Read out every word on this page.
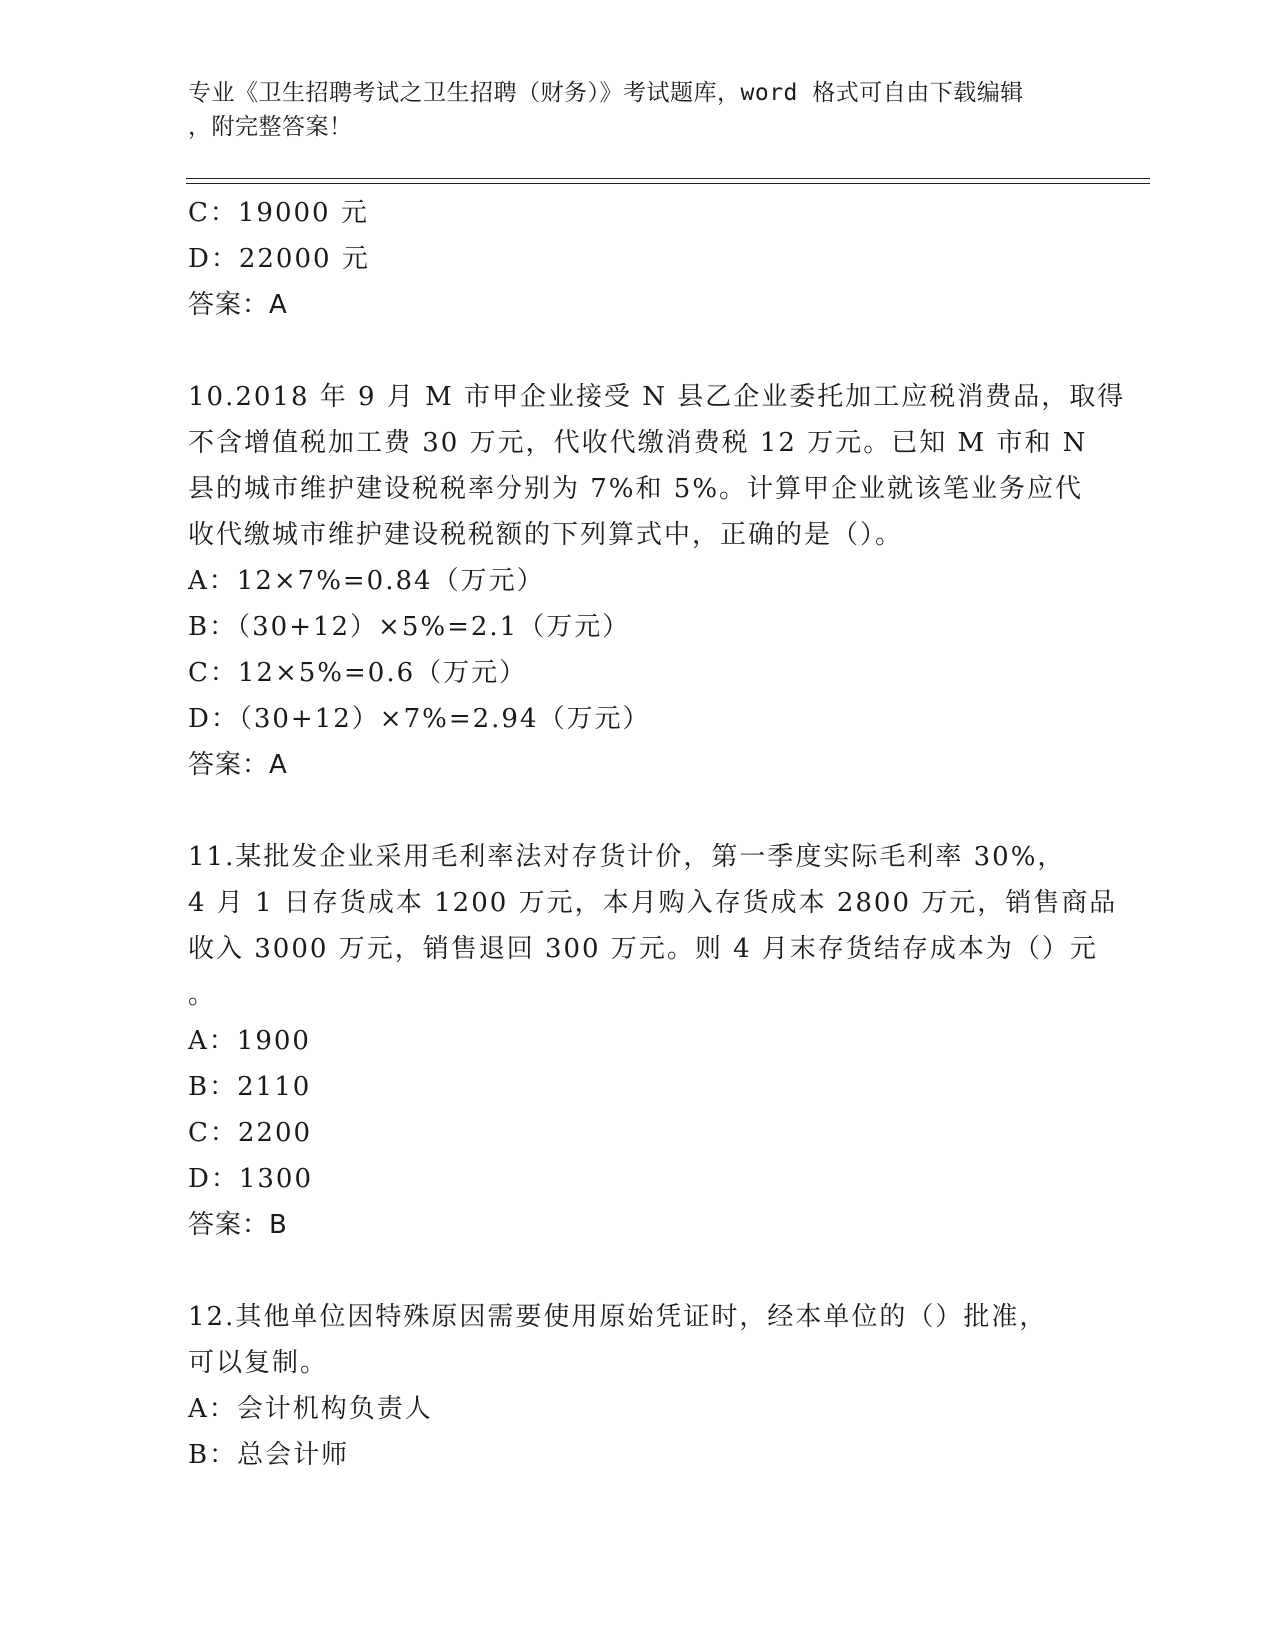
专业《卫生招聘考试之卫生招聘（财务）》考试题库，word 格式可自由下载编辑
，附完整答案！
C：19000 元
D：22000 元
答案：A
10.2018 年 9 月 M 市甲企业接受 N 县乙企业委托加工应税消费品，取得
不含增值税加工费 30 万元，代收代缴消费税 12 万元。已知 M 市和 N
县的城市维护建设税税率分别为 7%和 5%。计算甲企业就该笔业务应代
收代缴城市维护建设税税额的下列算式中，正确的是（）。
A：12×7%=0.84（万元）
B：（30+12）×5%=2.1（万元）
C：12×5%=0.6（万元）
D：（30+12）×7%=2.94（万元）
答案：A
11.某批发企业采用毛利率法对存货计价，第一季度实际毛利率 30%，
4 月 1 日存货成本 1200 万元，本月购入存货成本 2800 万元，销售商品
收入 3000 万元，销售退回 300 万元。则 4 月末存货结存成本为（）元
。
A：1900
B：2110
C：2200
D：1300
答案：B
12.其他单位因特殊原因需要使用原始凭证时，经本单位的（）批准，
可以复制。
A：会计机构负责人
B：总会计师
